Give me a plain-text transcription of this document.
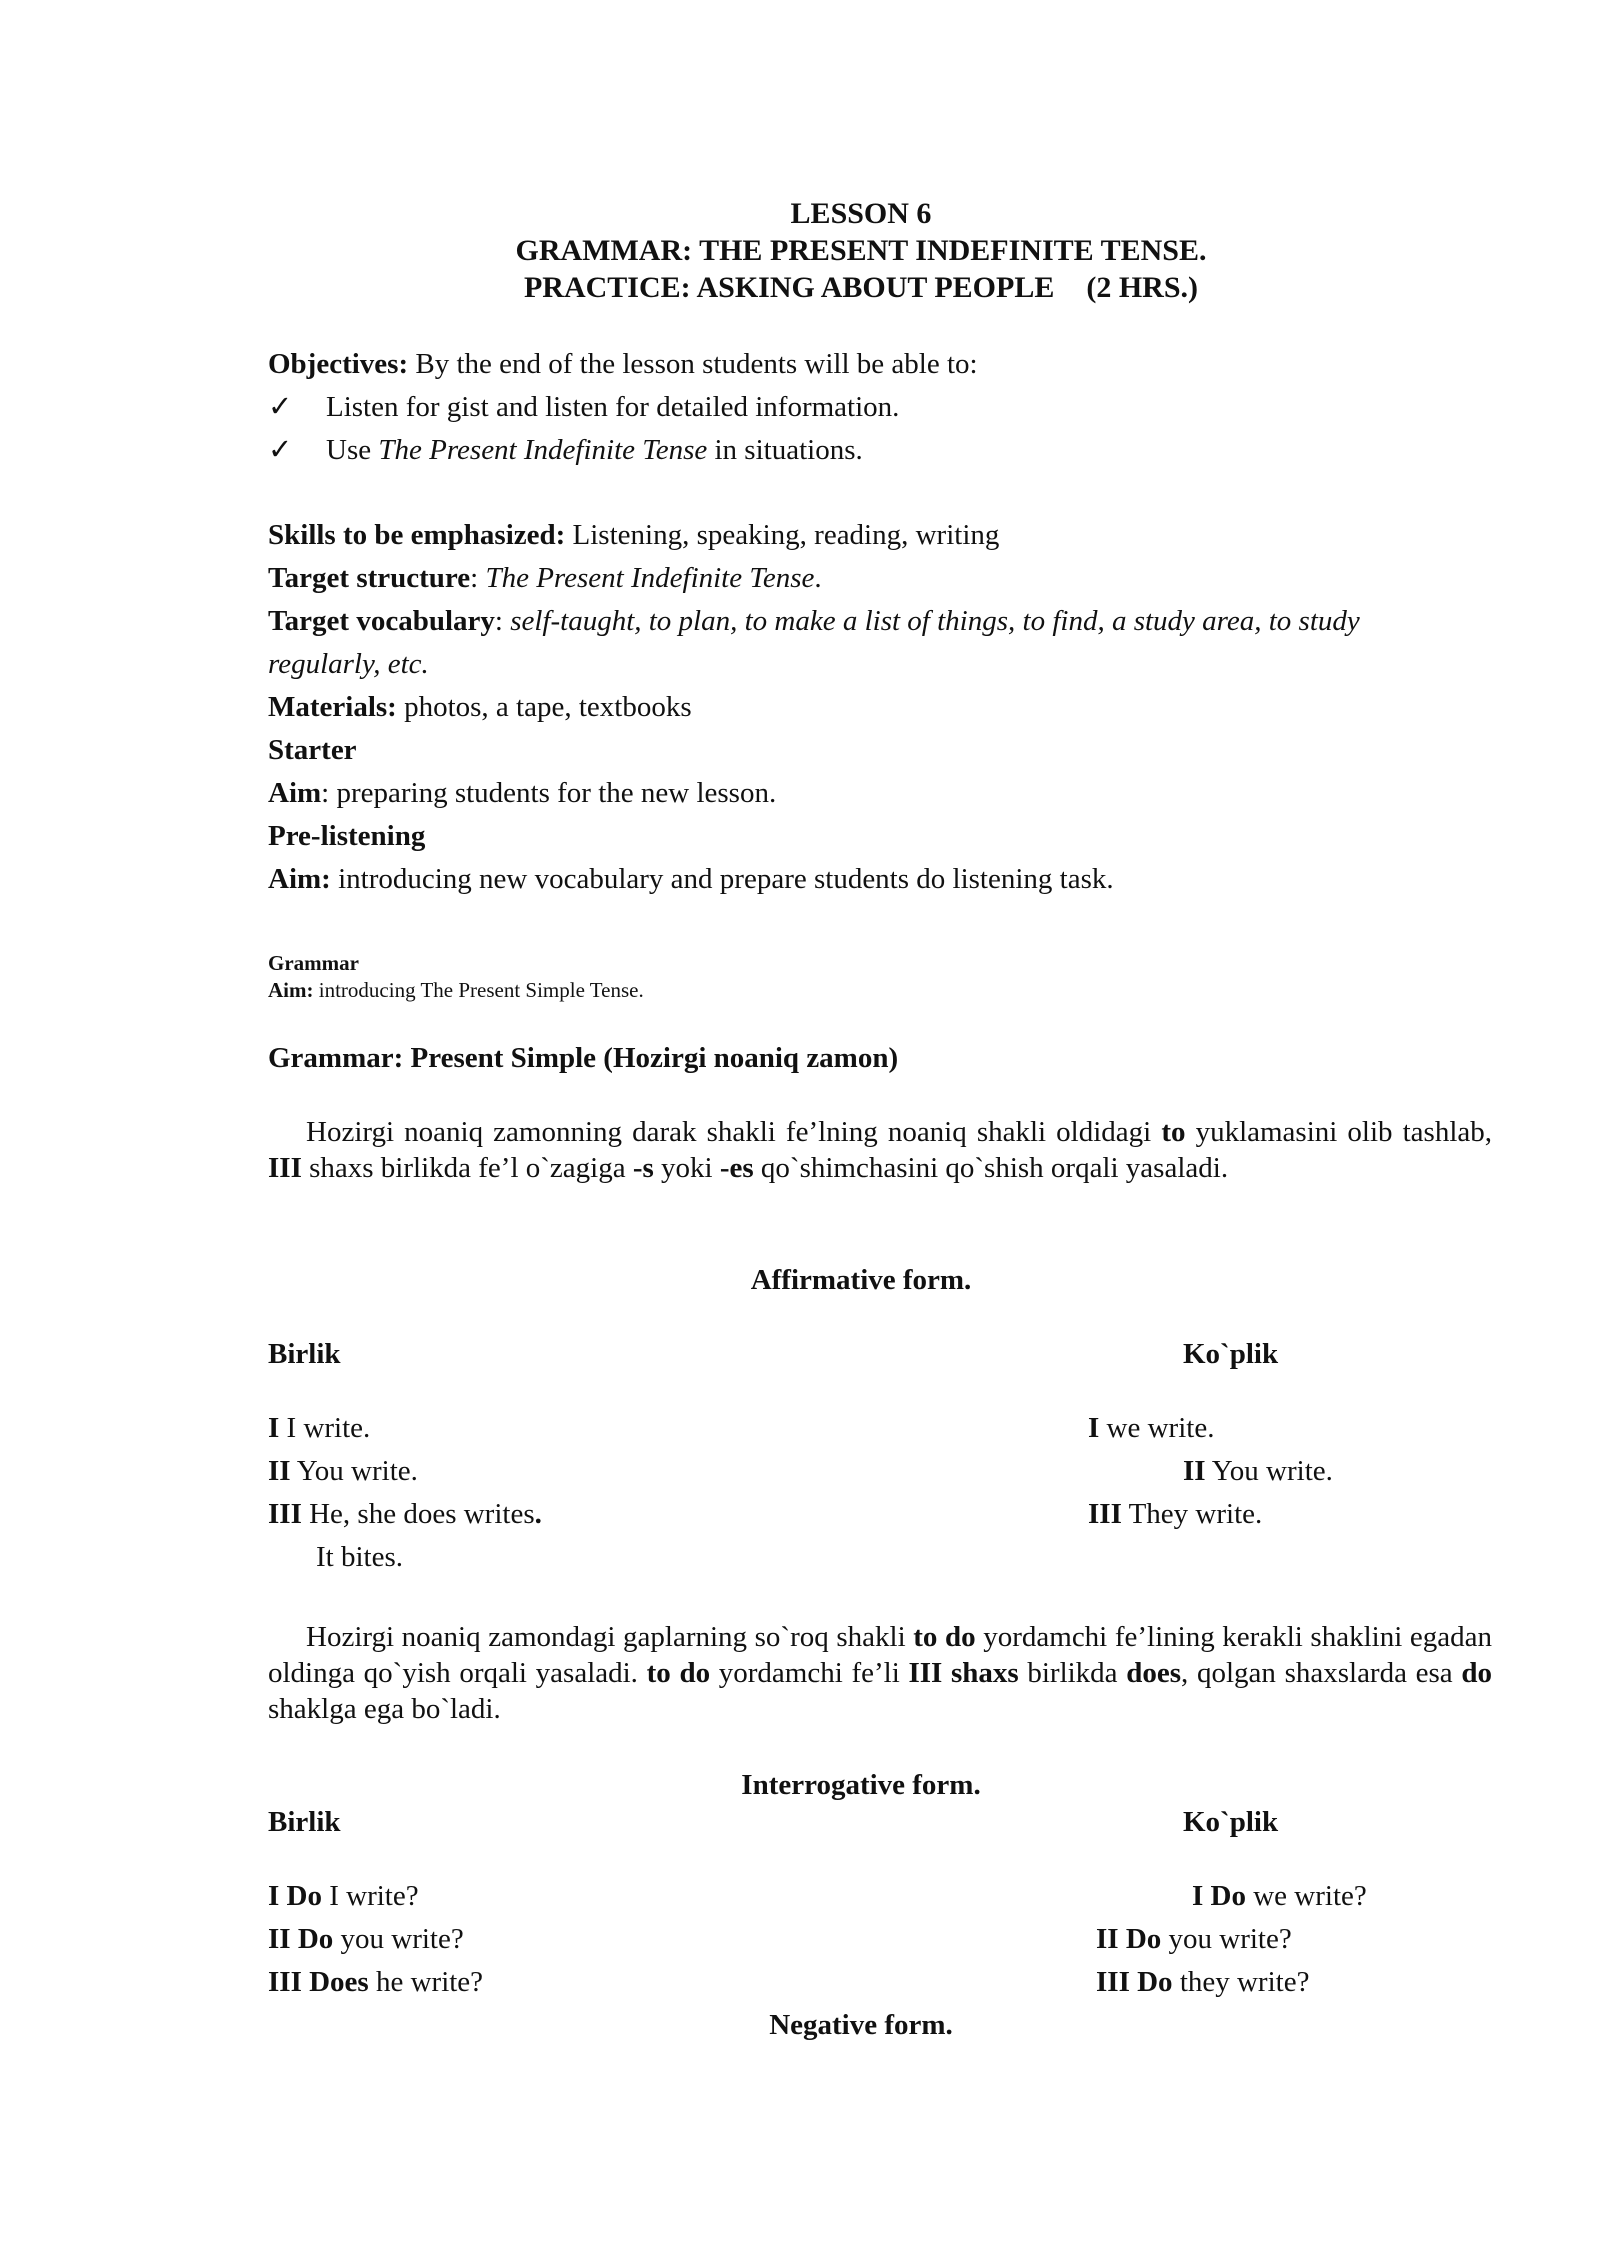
LESSON 6
GRAMMAR: THE PRESENT INDEFINITE TENSE.
PRACTICE: ASKING ABOUT PEOPLE (2 HRS.)
Objectives: By the end of the lesson students will be able to:
✓ Listen for gist and listen for detailed information.
✓ Use The Present Indefinite Tense in situations.
Skills to be emphasized: Listening, speaking, reading, writing
Target structure: The Present Indefinite Tense.
Target vocabulary: self-taught, to plan, to make a list of things, to find, a study area, to study
regularly, etc.
Materials: photos, a tape, textbooks
Starter
Aim: preparing students for the new lesson.
Pre-listening
Aim: introducing new vocabulary and prepare students do listening task.
Grammar
Aim: introducing The Present Simple Tense.
Grammar: Present Simple (Hozirgi noaniq zamon)
Hozirgi noaniq zamonning darak shakli fe’lning noaniq shakli oldidagi to yuklamasini olib tashlab, III shaxs birlikda fe’l o`zagiga -s yoki -es qo`shimchasini qo`shish orqali yasaladi.
Affirmative form.
Birlik	Ko`plik
I I write.
II You write.
III He, she does writes.
It bites.
I we write.
II You write.
III They write.
Hozirgi noaniq zamondagi gaplarning so`roq shakli to do yordamchi fe’lining kerakli shaklini egadan oldinga qo`yish orqali yasaladi. to do yordamchi fe’li III shaxs birlikda does, qolgan shaxslarda esa do shaklga ega bo`ladi.
Interrogative form.
Birlik	Ko`plik
I Do I write?
II Do you write?
III Does he write?
I Do we write?
II Do you write?
III Do they write?
Negative form.
